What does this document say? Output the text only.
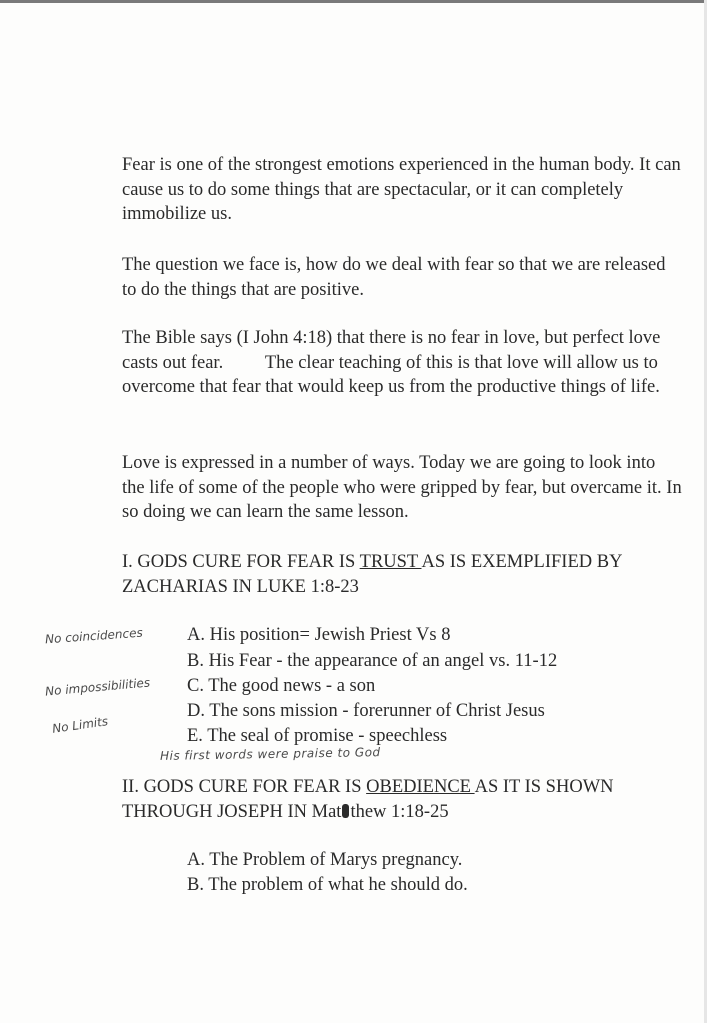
Fear is one of the strongest emotions experienced in the human body. It can cause us to do some things that are spectacular, or it can completely immobilize us.

The question we face is, how do we deal with fear so that we are released to do the things that are positive.

The Bible says (I John 4:18) that there is no fear in love, but perfect love casts out fear. The clear teaching of this is that love will allow us to overcome that fear that would keep us from the productive things of life.

Love is expressed in a number of ways. Today we are going to look into the life of some of the people who were gripped by fear, but overcame it. In so doing we can learn the same lesson.

I. GODS CURE FOR FEAR IS TRUST AS IS EXEMPLIFIED BY ZACHARIAS IN LUKE 1:8-23

A. His position= Jewish Priest Vs 8

B. His Fear - the appearance of an angel vs. 11-12

C. The good news - a son

D. The sons mission - forerunner of Christ Jesus

E. The seal of promise - speechless

No coincidences
No impossibilities
No Limits
His first words were praise to God

II. GODS CURE FOR FEAR IS OBEDIENCE AS IT IS SHOWN THROUGH JOSEPH IN Mat thew 1:18-25

A. The Problem of Marys pregnancy.

B. The problem of what he should do.
